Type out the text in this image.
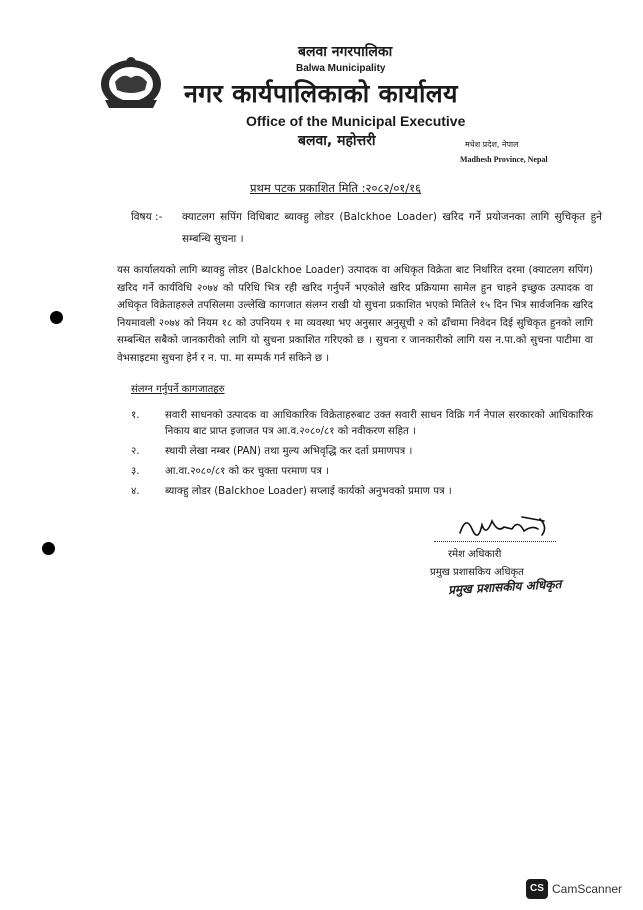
बलवा नगरपालिका
Balwa Municipality
नगर कार्यपालिकाको कार्यालय
Office of the Municipal Executive
बलवा, महोत्तरी	मधेश प्रदेश, नेपाल
Madhesh Province, Nepal
प्रथम पटक प्रकाशित मिति :२०८२/०१/१६
विषय :- क्याटलग सपिंग विधिबाट ब्याक्हु लोडर (Balckhoe Loader) खरिद गर्ने प्रयोजनका लागि सुचिकृत हुने सम्बन्धि सुचना ।
यस कार्यालयको लागि ब्याक्हु लोडर (Balckhoe Loader) उत्पादक वा अधिकृत विक्रेता बाट निर्धारित दरमा (क्याटलग सपिंग) खरिद गर्ने कार्यविधि २०७४ को परिधि भित्र रही खरिद गर्नुपर्ने भएकोले खरिद प्रक्रियामा सामेल हुन चाहने इच्छुक उत्पादक वा अधिकृत विक्रेताहरुले तपसिलमा उल्लेखि कागजात संलग्न राखी यो सुचना प्रकाशित भएको मितिले १५ दिन भित्र सार्वजनिक खरिद नियमावली २०७४ को नियम १८ को उपनियम १ मा व्यवस्था भए अनुसार अनुसूची २ को ढाँचामा निवेदन दिई सुचिकृत हुनको लागि सम्बन्धित सबैको जानकारीको लागि यो सुचना प्रकाशित गरिएको छ । सुचना र जानकारीको लागि यस न.पा.को सुचना पाटीमा वा वेभसाइटमा सुचना हेर्न र न. पा. मा सम्पर्क गर्न सकिने छ ।
संलग्न गर्नुपर्ने कागजातहरु
१. सवारी साधनको उत्पादक वा आधिकारिक विक्रेताहरुबाट उक्त सवारी साधन विक्रि गर्न नेपाल सरकारको आधिकारिक निकाय बाट प्राप्त इजाजत पत्र आ.व.२०८०/८१ को नवीकरण सहित ।
२. स्थायी लेखा नम्बर (PAN) तथा मुल्य अभिवृद्धि कर दर्ता प्रमाणपत्र ।
३. आ.वा.२०८०/८१ को कर चुक्ता परमाण पत्र ।
४. ब्याक्हु लोडर (Balckhoe Loader) सप्लाई कार्यको अनुभवको प्रमाण पत्र ।
रमेश अधिकारी
प्रमुख प्रशासकिय अधिकृत
प्रमुख प्रशासकीय अधिकृत
CS CamScanner
